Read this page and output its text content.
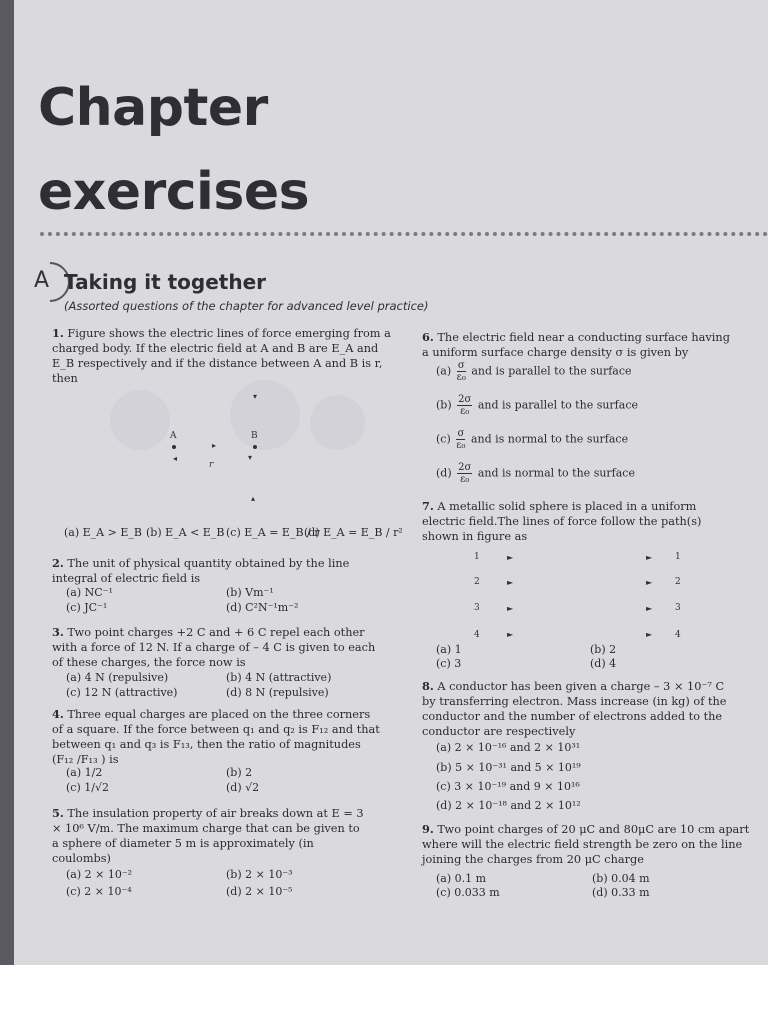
Chapter
exercises
A Taking it together
(Assorted questions of the chapter for advanced level practice)
1. Figure shows the electric lines of force emerging from a charged body. If the electric field at A and B are E_A and E_B respectively and if the distance between A and B is r, then
A	B
r
▾
▸
◂	▾
▴
(a) E_A > E_B (b) E_A < E_B (c) E_A = E_B / r
(d) E_A = E_B / r²
2. The unit of physical quantity obtained by the line integral of electric field is
(a) NC⁻¹	(b) Vm⁻¹
(c) JC⁻¹	(d) C²N⁻¹m⁻²
3. Two point charges +2 C and + 6 C repel each other with a force of 12 N. If a charge of – 4 C is given to each of these charges, the force now is
(a) 4 N (repulsive)	(b) 4 N (attractive)
(c) 12 N (attractive)	(d) 8 N (repulsive)
4. Three equal charges are placed on the three corners of a square. If the force between q₁ and q₂ is F₁₂ and that between q₁ and q₃ is F₁₃, then the ratio of magnitudes (F₁₂ /F₁₃ ) is
(a) 1/2	(b) 2
(c) 1/√2	(d) √2
5. The insulation property of air breaks down at E = 3 × 10⁶ V/m. The maximum charge that can be given to a sphere of diameter 5 m is approximately (in coulombs)
(a) 2 × 10⁻²	(b) 2 × 10⁻³
(c) 2 × 10⁻⁴	(d) 2 × 10⁻⁵
6. The electric field near a conducting surface having a uniform surface charge density σ is given by
$(a) \frac{\sigma}{\text{ε₀}}$ and is parallel to the surface
$(b) \frac{2\sigma}{\text{ε₀}}$ and is parallel to the surface
$(c) \frac{\sigma}{\text{ε₀}}$ and is normal to the surface
$(d) \frac{2\sigma}{\text{ε₀}}$ and is normal to the surface
7. A metallic solid sphere is placed in a uniform electric field.The lines of force follow the path(s) shown in figure as
1
2
3
4
1
2
3
4
►
►
►
►
►
►
►
►
(a) 1	(b) 2
(c) 3	(d) 4
8. A conductor has been given a charge – 3 × 10⁻⁷ C by transferring electron. Mass increase (in kg) of the conductor and the number of electrons added to the conductor are respectively
(a) 2 × 10⁻¹⁶ and 2 × 10³¹
(b) 5 × 10⁻³¹ and 5 × 10¹⁹
(c) 3 × 10⁻¹⁹ and 9 × 10¹⁶
(d) 2 × 10⁻¹⁸ and 2 × 10¹²
9. Two point charges of 20 μC and 80μC are 10 cm apart where will the electric field strength be zero on the line joining the charges from 20 μC charge
(a) 0.1 m	(b) 0.04 m
(c) 0.033 m	(d) 0.33 m
